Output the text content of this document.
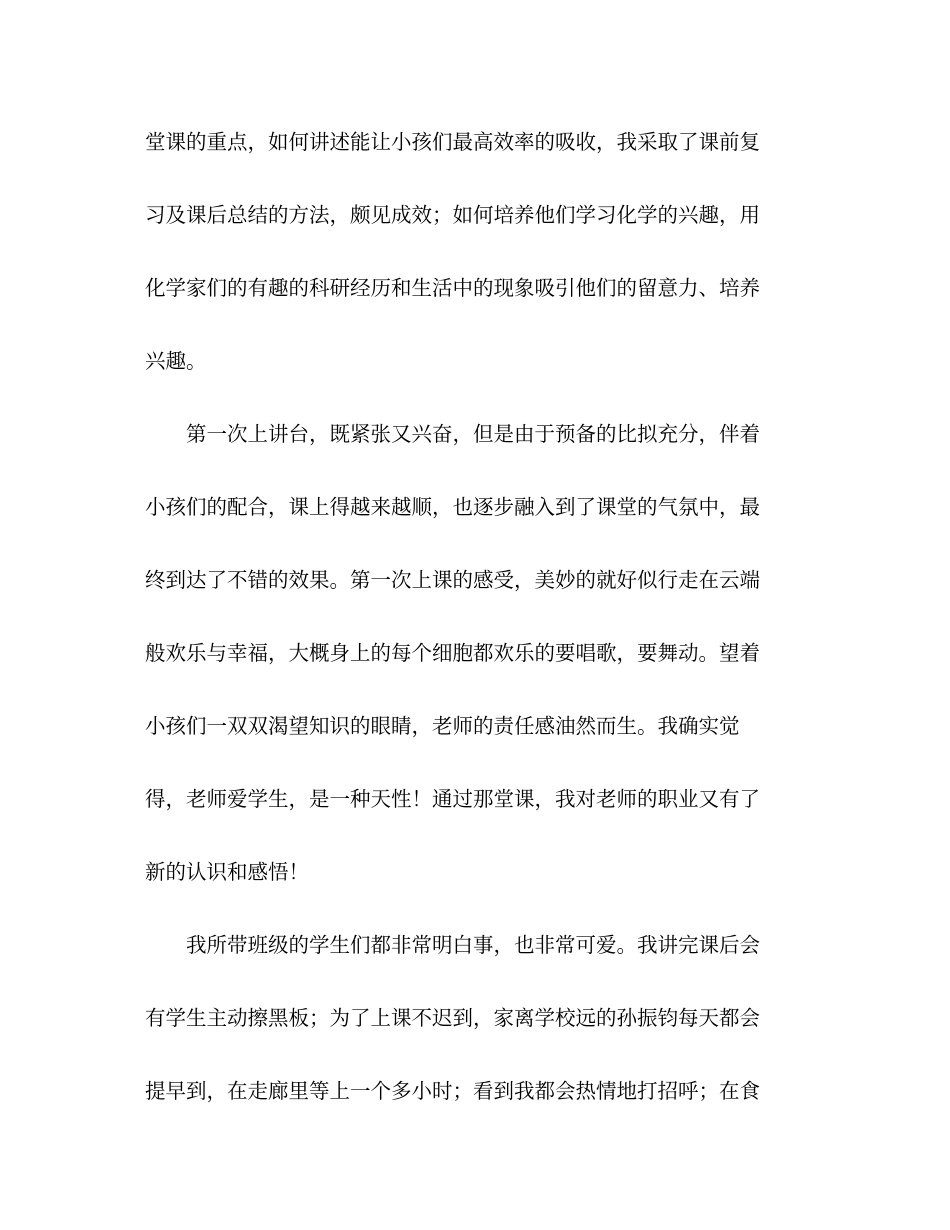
堂课的重点，如何讲述能让小孩们最高效率的吸收，我采取了课前复
习及课后总结的方法，颇见成效；如何培养他们学习化学的兴趣，用
化学家们的有趣的科研经历和生活中的现象吸引他们的留意力、培养
兴趣。
　　第一次上讲台，既紧张又兴奋，但是由于预备的比拟充分，伴着
小孩们的配合，课上得越来越顺，也逐步融入到了课堂的气氛中，最
终到达了不错的效果。第一次上课的感受，美妙的就好似行走在云端
般欢乐与幸福，大概身上的每个细胞都欢乐的要唱歌，要舞动。望着
小孩们一双双渴望知识的眼睛，老师的责任感油然而生。我确实觉
得，老师爱学生，是一种天性！通过那堂课，我对老师的职业又有了
新的认识和感悟！
　　我所带班级的学生们都非常明白事，也非常可爱。我讲完课后会
有学生主动擦黑板；为了上课不迟到，家离学校远的孙振钧每天都会
提早到，在走廊里等上一个多小时；看到我都会热情地打招呼；在食
